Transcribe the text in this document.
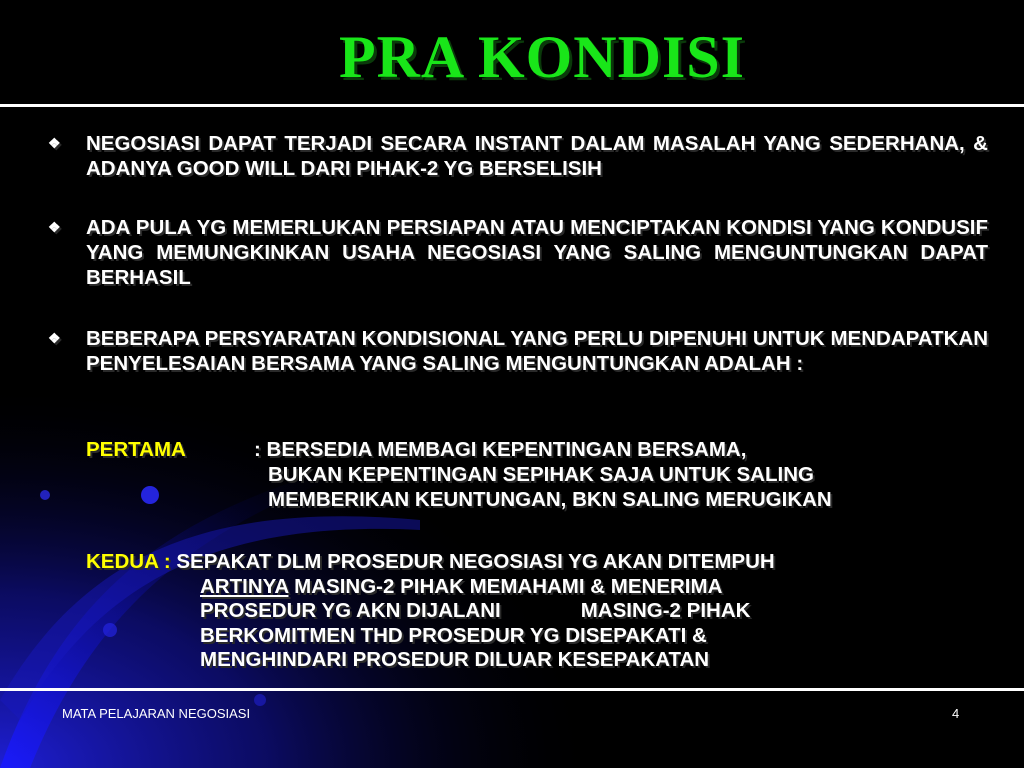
PRA KONDISI
❖ NEGOSIASI DAPAT TERJADI SECARA INSTANT DALAM MASALAH YANG SEDERHANA, & ADANYA GOOD WILL DARI PIHAK-2 YG BERSELISIH
❖ ADA PULA YG MEMERLUKAN PERSIAPAN ATAU MENCIPTAKAN KONDISI YANG KONDUSIF YANG MEMUNGKINKAN USAHA NEGOSIASI YANG SALING MENGUNTUNGKAN DAPAT BERHASIL
❖ BEBERAPA PERSYARATAN KONDISIONAL YANG PERLU DIPENUHI UNTUK MENDAPATKAN PENYELESAIAN BERSAMA YANG SALING MENGUNTUNGKAN ADALAH :
PERTAMA	: BERSEDIA MEMBAGI KEPENTINGAN BERSAMA,
BUKAN KEPENTINGAN SEPIHAK SAJA UNTUK SALING
MEMBERIKAN KEUNTUNGAN, BKN SALING MERUGIKAN
KEDUA : SEPAKAT DLM PROSEDUR NEGOSIASI YG AKAN DITEMPUH
ARTINYA MASING-2 PIHAK MEMAHAMI & MENERIMA
PROSEDUR YG AKN DIJALANI	MASING-2 PIHAK
BERKOMITMEN THD PROSEDUR YG DISEPAKATI &
MENGHINDARI PROSEDUR DILUAR KESEPAKATAN
MATA PELAJARAN NEGOSIASI	4
